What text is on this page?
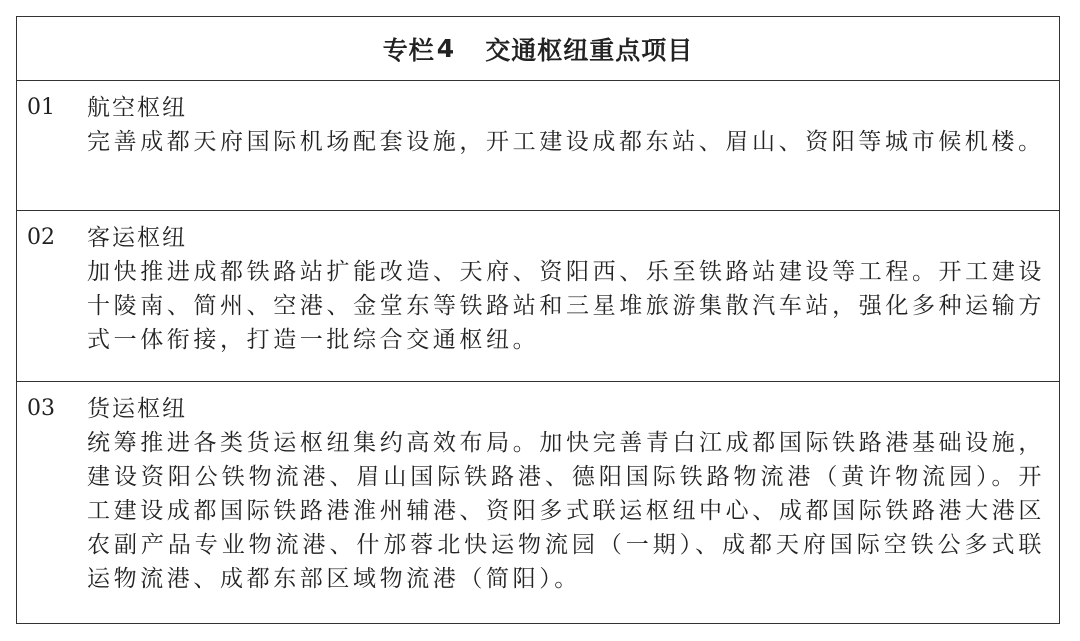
专栏 4 交通枢纽重点项目
01 航空枢纽
完善成都天府国际机场配套设施，开工建设成都东站、眉山、资阳等城市候机楼。
02 客运枢纽
加快推进成都铁路站扩能改造、天府、资阳西、乐至铁路站建设等工程。开工建设十陵南、简州、空港、金堂东等铁路站和三星堆旅游集散汽车站，强化多种运输方式一体衔接，打造一批综合交通枢纽。
03 货运枢纽
统筹推进各类货运枢纽集约高效布局。加快完善青白江成都国际铁路港基础设施，建设资阳公铁物流港、眉山国际铁路港、德阳国际铁路物流港（黄许物流园）。开工建设成都国际铁路港淮州辅港、资阳多式联运枢纽中心、成都国际铁路港大港区农副产品专业物流港、什邡蓉北快运物流园（一期）、成都天府国际空铁公多式联运物流港、成都东部区域物流港（简阳）。
